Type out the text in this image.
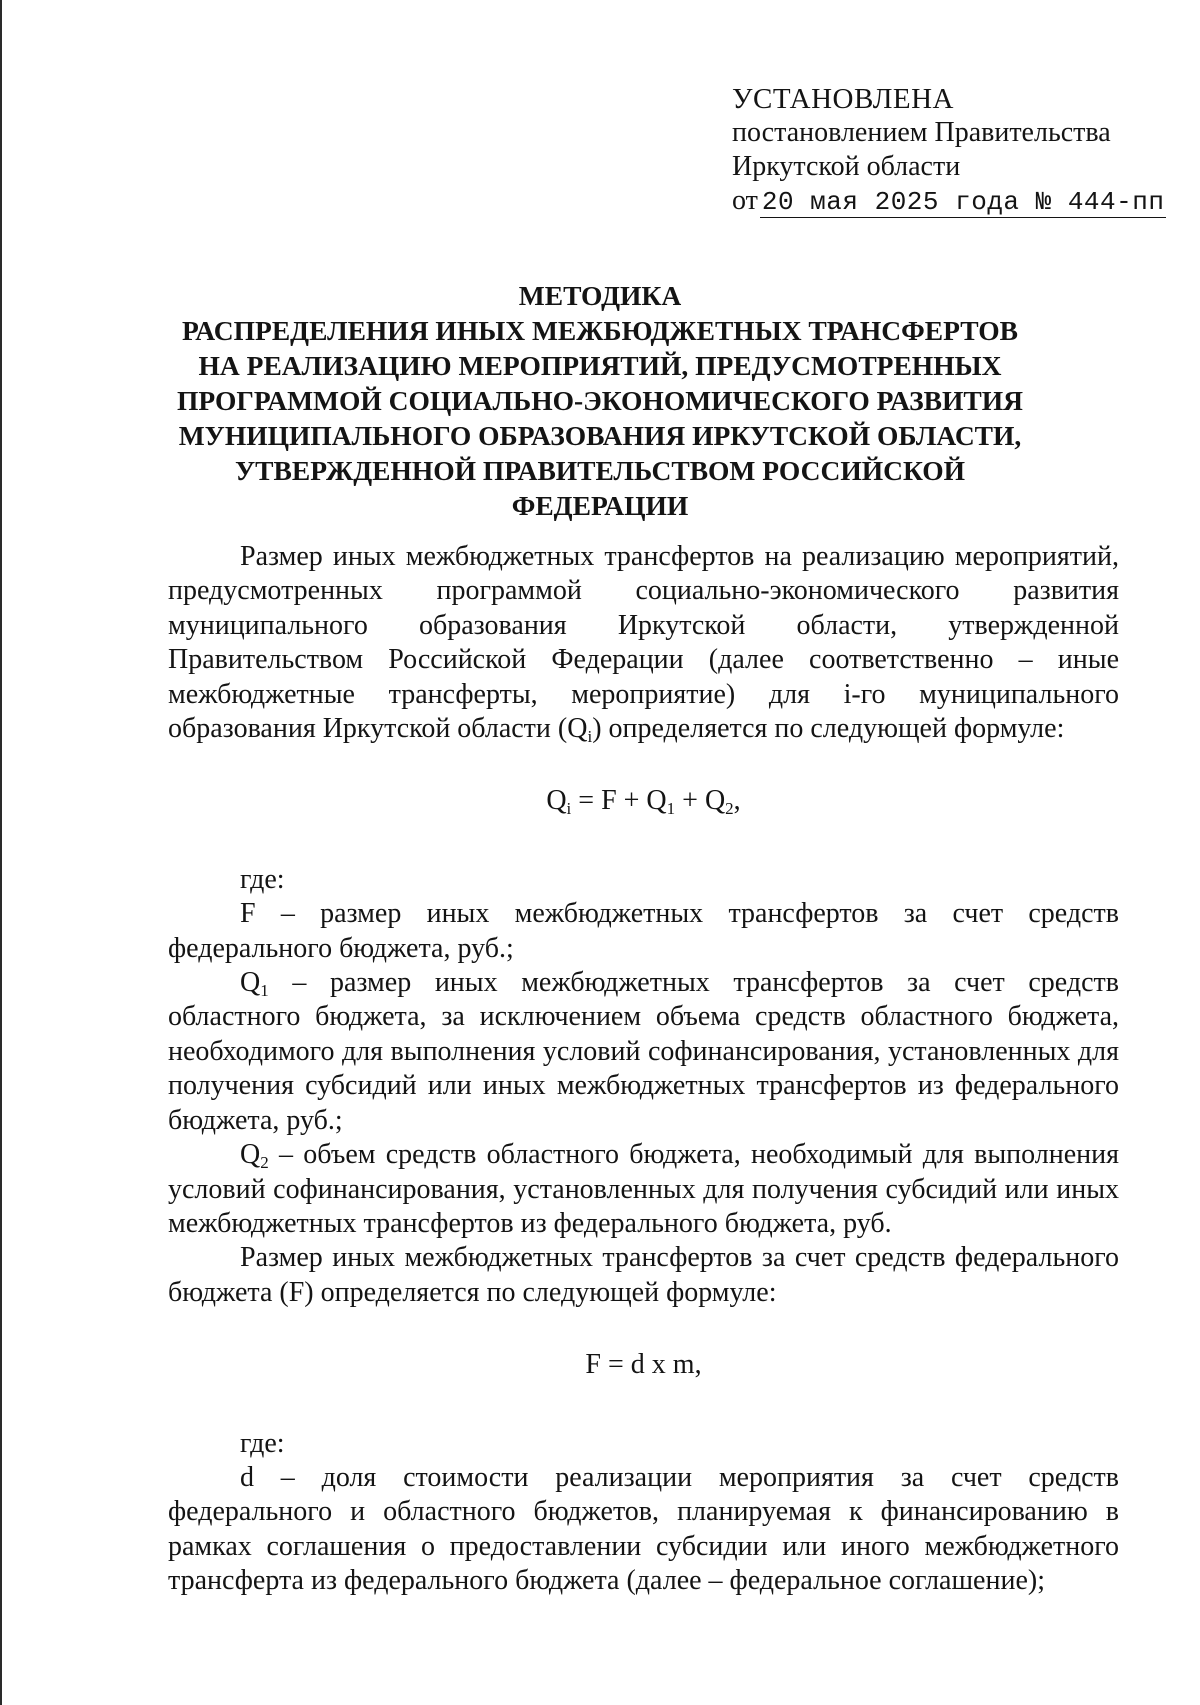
УСТАНОВЛЕНА
постановлением Правительства
Иркутской области
от 20 мая 2025 года № 444-пп
МЕТОДИКА
РАСПРЕДЕЛЕНИЯ ИНЫХ МЕЖБЮДЖЕТНЫХ ТРАНСФЕРТОВ
НА РЕАЛИЗАЦИЮ МЕРОПРИЯТИЙ, ПРЕДУСМОТРЕННЫХ
ПРОГРАММОЙ СОЦИАЛЬНО-ЭКОНОМИЧЕСКОГО РАЗВИТИЯ
МУНИЦИПАЛЬНОГО ОБРАЗОВАНИЯ ИРКУТСКОЙ ОБЛАСТИ,
УТВЕРЖДЕННОЙ ПРАВИТЕЛЬСТВОМ РОССИЙСКОЙ
ФЕДЕРАЦИИ

Размер иных межбюджетных трансфертов на реализацию мероприятий, предусмотренных программой социально-экономического развития муниципального образования Иркутской области, утвержденной Правительством Российской Федерации (далее соответственно – иные межбюджетные трансферты, мероприятие) для i-го муниципального образования Иркутской области $(Q_i)$ определяется по следующей формуле:

$Q_i = F + Q_1 + Q_2$,

где:

F – размер иных межбюджетных трансфертов за счет средств федерального бюджета, руб.;

$Q_1$ – размер иных межбюджетных трансфертов за счет средств областного бюджета, за исключением объема средств областного бюджета, необходимого для выполнения условий софинансирования, установленных для получения субсидий или иных межбюджетных трансфертов из федерального бюджета, руб.;

$Q_2$ – объем средств областного бюджета, необходимый для выполнения условий софинансирования, установленных для получения субсидий или иных межбюджетных трансфертов из федерального бюджета, руб.

Размер иных межбюджетных трансфертов за счет средств федерального бюджета (F) определяется по следующей формуле:

F = d x m,

где:

d – доля стоимости реализации мероприятия за счет средств федерального и областного бюджетов, планируемая к финансированию в рамках соглашения о предоставлении субсидии или иного межбюджетного трансферта из федерального бюджета (далее – федеральное соглашение);
